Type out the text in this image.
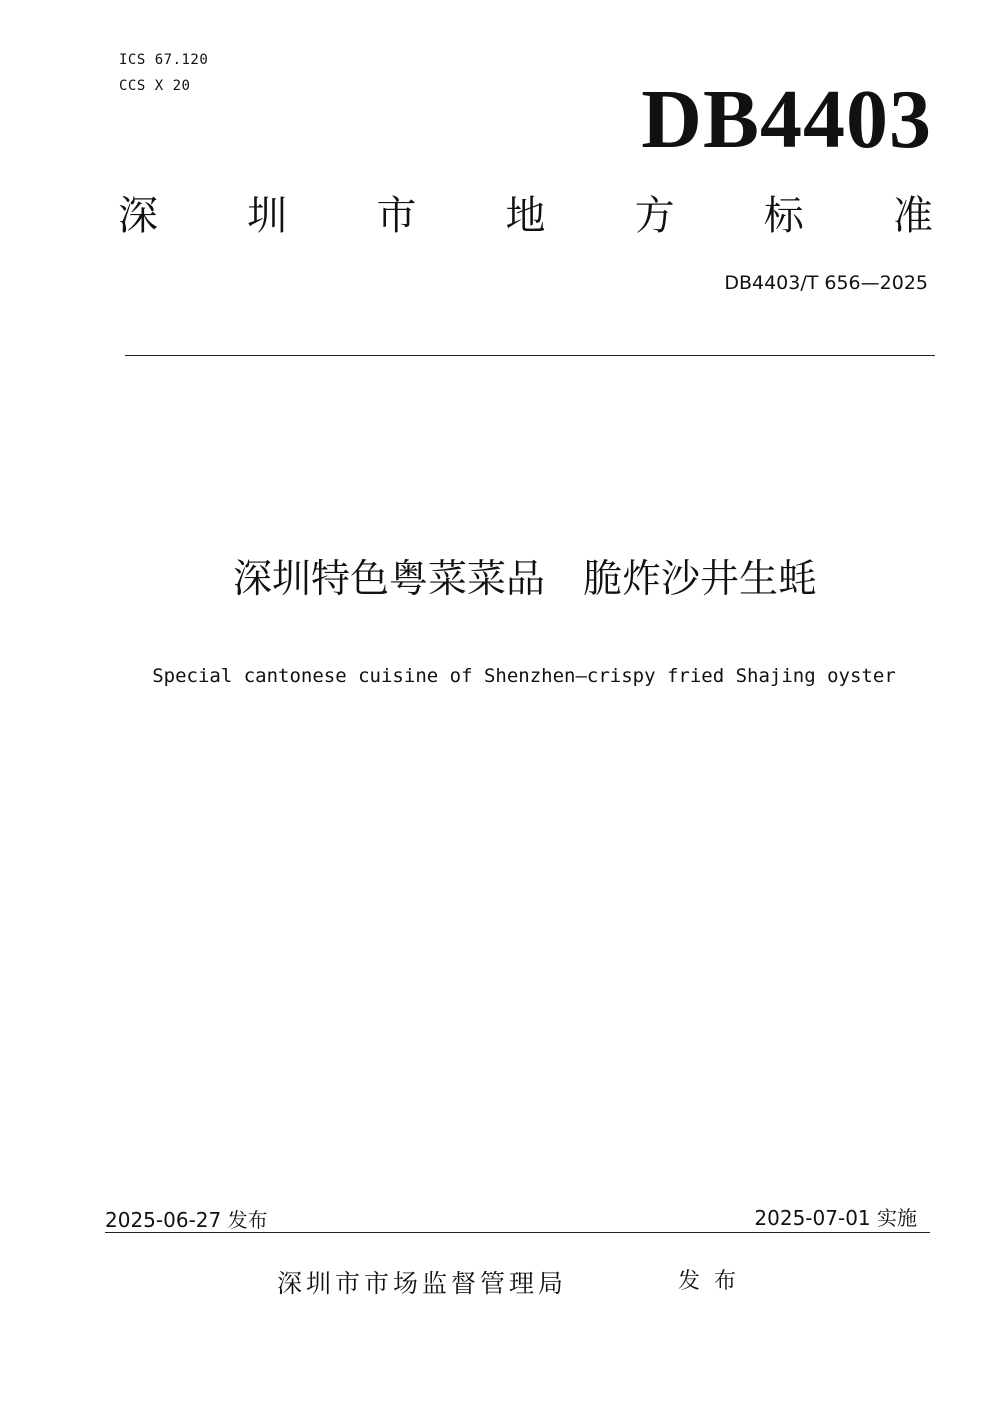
ICS 67.120
CCS X 20	DB4403
深 圳 市 地 方 标 准
DB4403/T 656—2025
深圳特色粤菜菜品 脆炸沙井生蚝
Special cantonese cuisine of Shenzhen—crispy fried Shajing oyster
2025-06-27 发布	2025-07-01 实施
深圳市市场监督管理局	发布
